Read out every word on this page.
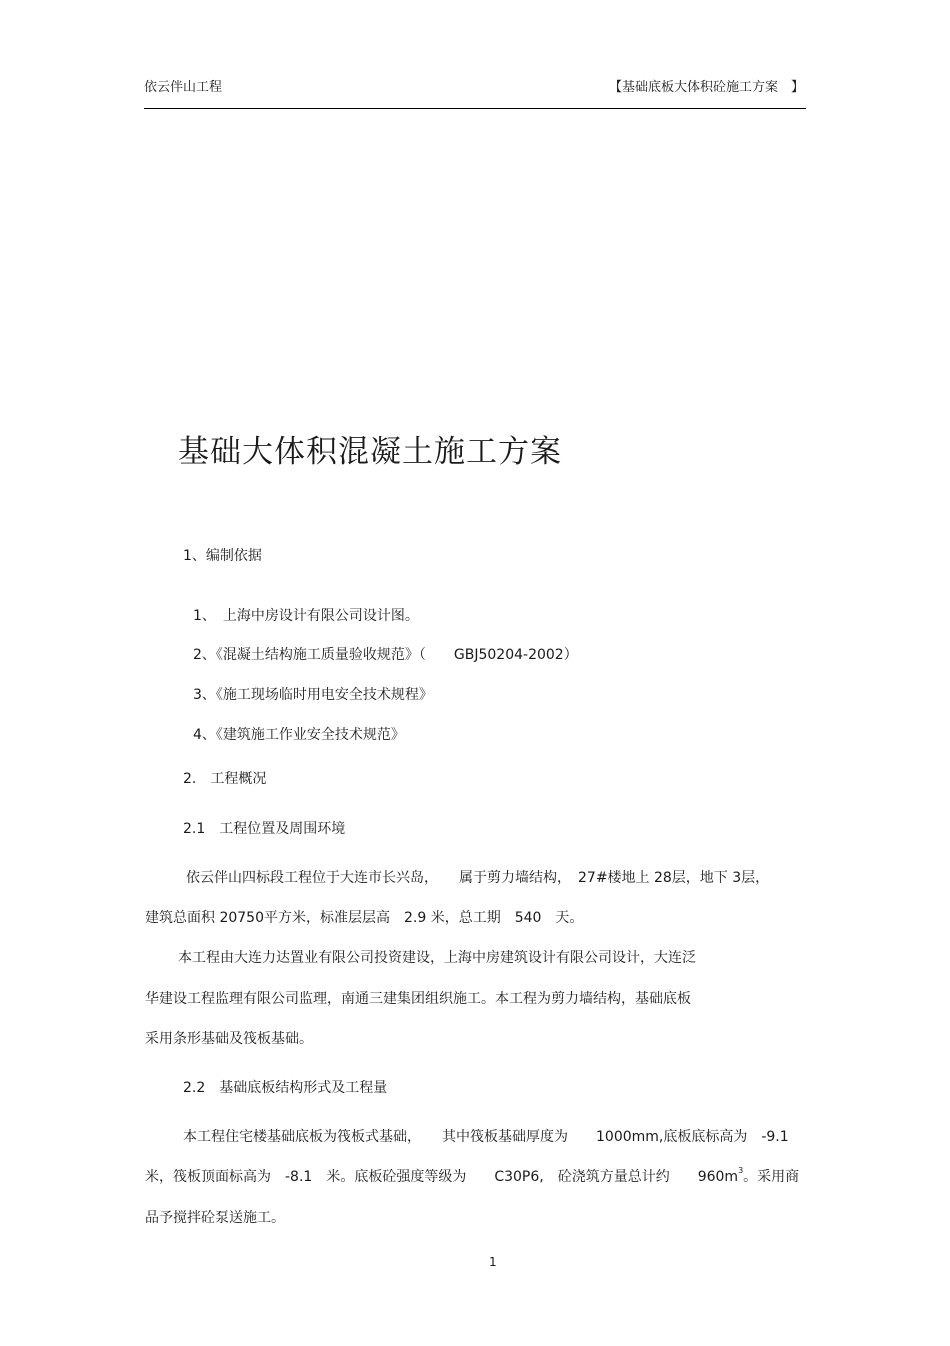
依云伴山工程	【基础底板大体积砼施工方案　】
基础大体积混凝土施工方案
1、编制依据
1、　上海中房设计有限公司设计图。
2、《混凝土结构施工质量验收规范》（　　GBJ50204-2002）
3、《施工现场临时用电安全技术规程》
4、《建筑施工作业安全技术规范》
2.　工程概况
2.1　工程位置及周围环境
依云伴山四标段工程位于大连市长兴岛，　　属于剪力墙结构，　27#楼地上 28层，地下 3层，
建筑总面积 20750平方米，标准层层高　2.9 米，总工期　540　天。
本工程由大连力达置业有限公司投资建设，上海中房建筑设计有限公司设计，大连泛
华建设工程监理有限公司监理，南通三建集团组织施工。本工程为剪力墙结构，基础底板
采用条形基础及筏板基础。
2.2　基础底板结构形式及工程量
本工程住宅楼基础底板为筏板式基础，　　其中筏板基础厚度为　　1000mm,底板底标高为　-9.1
米，筏板顶面标高为　-8.1　米。底板砼强度等级为　　C30P6,　砼浇筑方量总计约　　$960m^3$。采用商
品予搅拌砼泵送施工。
1
